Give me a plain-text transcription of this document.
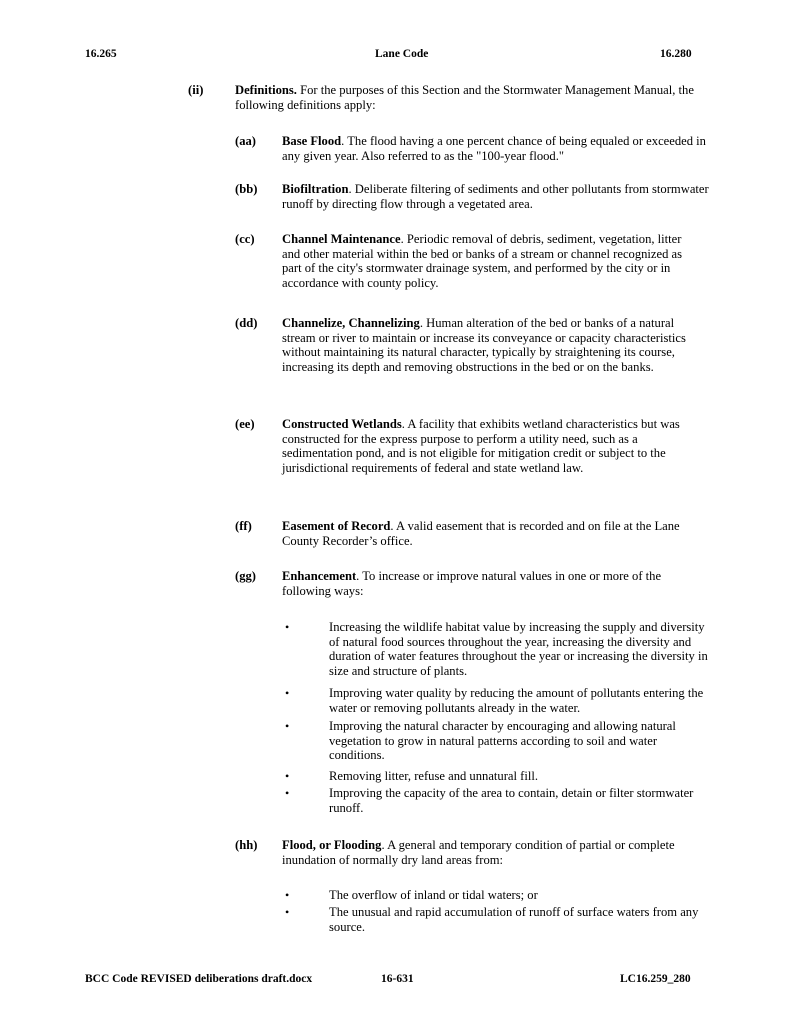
16.265	Lane Code	16.280
(ii)	Definitions. For the purposes of this Section and the Stormwater Management Manual, the following definitions apply:
(aa) Base Flood. The flood having a one percent chance of being equaled or exceeded in any given year. Also referred to as the "100-year flood."
(bb) Biofiltration. Deliberate filtering of sediments and other pollutants from stormwater runoff by directing flow through a vegetated area.
(cc) Channel Maintenance. Periodic removal of debris, sediment, vegetation, litter and other material within the bed or banks of a stream or channel recognized as part of the city's stormwater drainage system, and performed by the city or in accordance with county policy.
(dd) Channelize, Channelizing. Human alteration of the bed or banks of a natural stream or river to maintain or increase its conveyance or capacity characteristics without maintaining its natural character, typically by straightening its course, increasing its depth and removing obstructions in the bed or on the banks.
(ee) Constructed Wetlands. A facility that exhibits wetland characteristics but was constructed for the express purpose to perform a utility need, such as a sedimentation pond, and is not eligible for mitigation credit or subject to the jurisdictional requirements of federal and state wetland law.
(ff) Easement of Record. A valid easement that is recorded and on file at the Lane County Recorder’s office.
(gg) Enhancement. To increase or improve natural values in one or more of the following ways:
•	Increasing the wildlife habitat value by increasing the supply and diversity of natural food sources throughout the year, increasing the diversity and duration of water features throughout the year or increasing the diversity in size and structure of plants.
•	Improving water quality by reducing the amount of pollutants entering the water or removing pollutants already in the water.
•	Improving the natural character by encouraging and allowing natural vegetation to grow in natural patterns according to soil and water conditions.
•	Removing litter, refuse and unnatural fill.
•	Improving the capacity of the area to contain, detain or filter stormwater runoff.
(hh) Flood, or Flooding. A general and temporary condition of partial or complete inundation of normally dry land areas from:
•	The overflow of inland or tidal waters; or
•	The unusual and rapid accumulation of runoff of surface waters from any source.
BCC Code REVISED deliberations draft.docx	16-631	LC16.259_280
